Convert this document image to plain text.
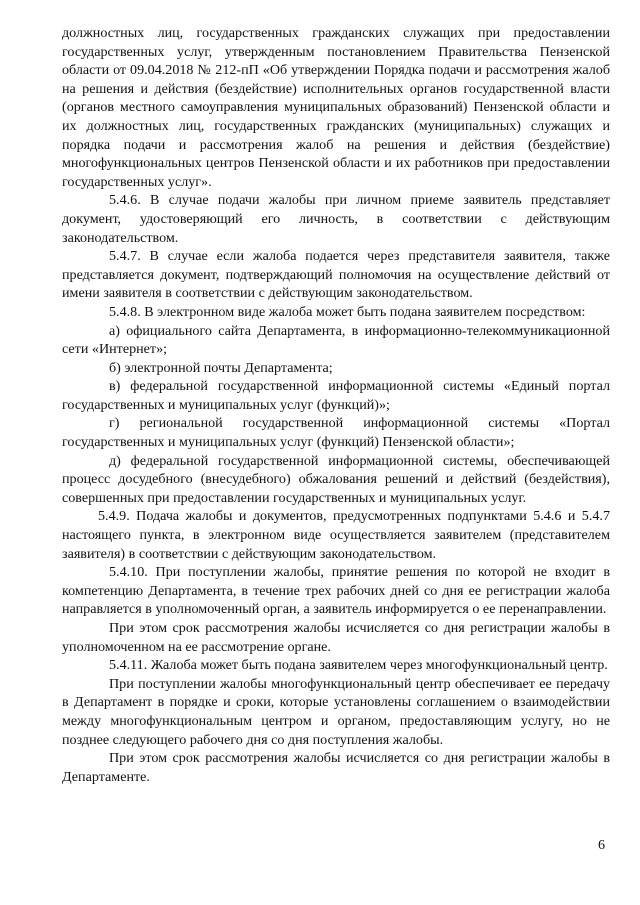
должностных лиц, государственных гражданских служащих при предоставлении государственных услуг, утвержденным постановлением Правительства Пензенской области от 09.04.2018 № 212-пП «Об утверждении Порядка подачи и рассмотрения жалоб на решения и действия (бездействие) исполнительных органов государственной власти (органов местного самоуправления муниципальных образований) Пензенской области и их должностных лиц, государственных гражданских (муниципальных) служащих и порядка подачи и рассмотрения жалоб на решения и действия (бездействие) многофункциональных центров Пензенской области и их работников при предоставлении государственных услуг».

5.4.6. В случае подачи жалобы при личном приеме заявитель представляет документ, удостоверяющий его личность, в соответствии с действующим законодательством.

5.4.7. В случае если жалоба подается через представителя заявителя, также представляется документ, подтверждающий полномочия на осуществление действий от имени заявителя в соответствии с действующим законодательством.

5.4.8. В электронном виде жалоба может быть подана заявителем посредством:

а) официального сайта Департамента, в информационно-телекоммуникационной сети «Интернет»;

б) электронной почты Департамента;

в) федеральной государственной информационной системы «Единый портал государственных и муниципальных услуг (функций)»;

г) региональной государственной информационной системы «Портал государственных и муниципальных услуг (функций) Пензенской области»;

д) федеральной государственной информационной системы, обеспечивающей процесс досудебного (внесудебного) обжалования решений и действий (бездействия), совершенных при предоставлении государственных и муниципальных услуг.

5.4.9. Подача жалобы и документов, предусмотренных подпунктами 5.4.6 и 5.4.7 настоящего пункта, в электронном виде осуществляется заявителем (представителем заявителя) в соответствии с действующим законодательством.

5.4.10. При поступлении жалобы, принятие решения по которой не входит в компетенцию Департамента, в течение трех рабочих дней со дня ее регистрации жалоба направляется в уполномоченный орган, а заявитель информируется о ее перенаправлении.

При этом срок рассмотрения жалобы исчисляется со дня регистрации жалобы в уполномоченном на ее рассмотрение органе.

5.4.11. Жалоба может быть подана заявителем через многофункциональный центр.

При поступлении жалобы многофункциональный центр обеспечивает ее передачу в Департамент в порядке и сроки, которые установлены соглашением о взаимодействии между многофункциональным центром и органом, предоставляющим услугу, но не позднее следующего рабочего дня со дня поступления жалобы.

При этом срок рассмотрения жалобы исчисляется со дня регистрации жалобы в Департаменте.

6
